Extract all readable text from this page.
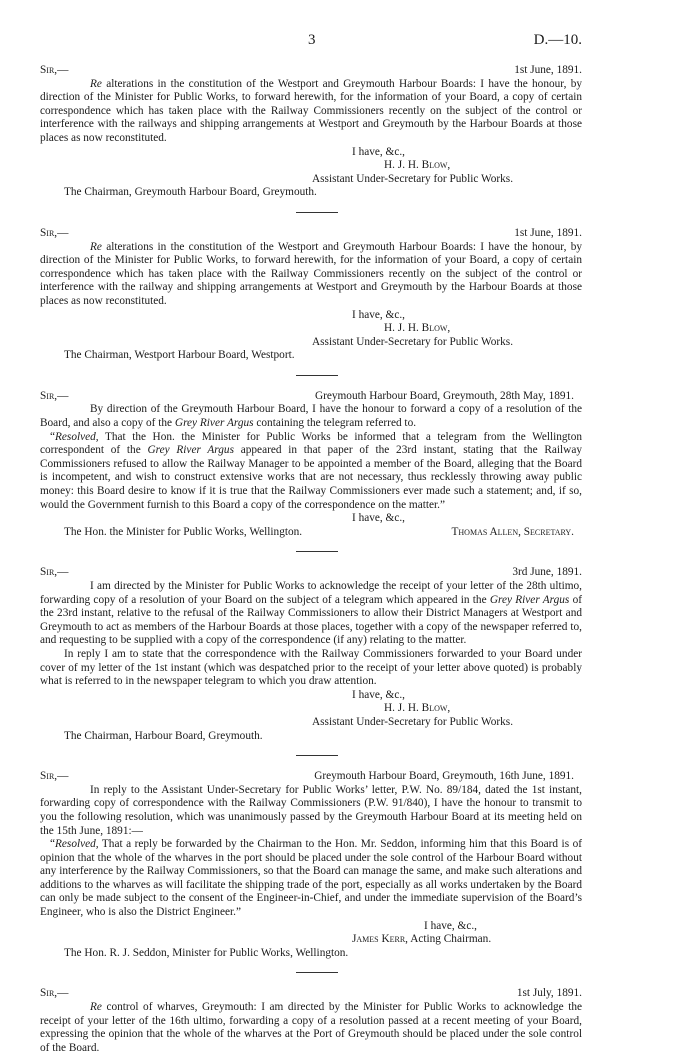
3	D.—10.
Sir,—	1st June, 1891.

Re alterations in the constitution of the Westport and Greymouth Harbour Boards: I have the honour, by direction of the Minister for Public Works, to forward herewith, for the information of your Board, a copy of certain correspondence which has taken place with the Railway Commissioners recently on the subject of the control or interference with the railways and shipping arrangements at Westport and Greymouth by the Harbour Boards at those places as now reconstituted.

I have, &c.,
H. J. H. Blow,
Assistant Under-Secretary for Public Works.
The Chairman, Greymouth Harbour Board, Greymouth.
Sir,—	1st June, 1891.

Re alterations in the constitution of the Westport and Greymouth Harbour Boards: I have the honour, by direction of the Minister for Public Works, to forward herewith, for the information of your Board, a copy of certain correspondence which has taken place with the Railway Commissioners recently on the subject of the control or interference with the railway and shipping arrangements at Westport and Greymouth by the Harbour Boards at those places as now reconstituted.

I have, &c.,
H. J. H. Blow,
Assistant Under-Secretary for Public Works.
The Chairman, Westport Harbour Board, Westport.
Sir,—	Greymouth Harbour Board, Greymouth, 28th May, 1891.

By direction of the Greymouth Harbour Board, I have the honour to forward a copy of a resolution of the Board, and also a copy of the Grey River Argus containing the telegram referred to.

“Resolved, That the Hon. the Minister for Public Works be informed that a telegram from the Wellington correspondent of the Grey River Argus appeared in that paper of the 23rd instant, stating that the Railway Commissioners refused to allow the Railway Manager to be appointed a member of the Board, alleging that the Board is incompetent, and wish to construct extensive works that are not necessary, thus recklessly throwing away public money: this Board desire to know if it is true that the Railway Commissioners ever made such a statement; and, if so, would the Government furnish to this Board a copy of the correspondence on the matter.”

I have, &c.,
The Hon. the Minister for Public Works, Wellington.	Thomas Allen, Secretary.
Sir,—	3rd June, 1891.

I am directed by the Minister for Public Works to acknowledge the receipt of your letter of the 28th ultimo, forwarding copy of a resolution of your Board on the subject of a telegram which appeared in the Grey River Argus of the 23rd instant, relative to the refusal of the Railway Commissioners to allow their District Managers at Westport and Greymouth to act as members of the Harbour Boards at those places, together with a copy of the newspaper referred to, and requesting to be supplied with a copy of the correspondence (if any) relating to the matter.

In reply I am to state that the correspondence with the Railway Commissioners forwarded to your Board under cover of my letter of the 1st instant (which was despatched prior to the receipt of your letter above quoted) is probably what is referred to in the newspaper telegram to which you draw attention.

I have, &c.,
H. J. H. Blow,
Assistant Under-Secretary for Public Works.
The Chairman, Harbour Board, Greymouth.
Sir,—	Greymouth Harbour Board, Greymouth, 16th June, 1891.

In reply to the Assistant Under-Secretary for Public Works’ letter, P.W. No. 89/184, dated the 1st instant, forwarding copy of correspondence with the Railway Commissioners (P.W. 91/840), I have the honour to transmit to you the following resolution, which was unanimously passed by the Greymouth Harbour Board at its meeting held on the 15th June, 1891:—

“Resolved, That a reply be forwarded by the Chairman to the Hon. Mr. Seddon, informing him that this Board is of opinion that the whole of the wharves in the port should be placed under the sole control of the Harbour Board without any interference by the Railway Commissioners, so that the Board can manage the same, and make such alterations and additions to the wharves as will facilitate the shipping trade of the port, especially as all works undertaken by the Board can only be made subject to the consent of the Engineer-in-Chief, and under the immediate supervision of the Board’s Engineer, who is also the District Engineer.”

I have, &c.,
James Kerr, Acting Chairman.
The Hon. R. J. Seddon, Minister for Public Works, Wellington.
Sir,—	1st July, 1891.

Re control of wharves, Greymouth: I am directed by the Minister for Public Works to acknowledge the receipt of your letter of the 16th ultimo, forwarding a copy of a resolution passed at a recent meeting of your Board, expressing the opinion that the whole of the wharves at the Port of Greymouth should be placed under the sole control of the Board.
